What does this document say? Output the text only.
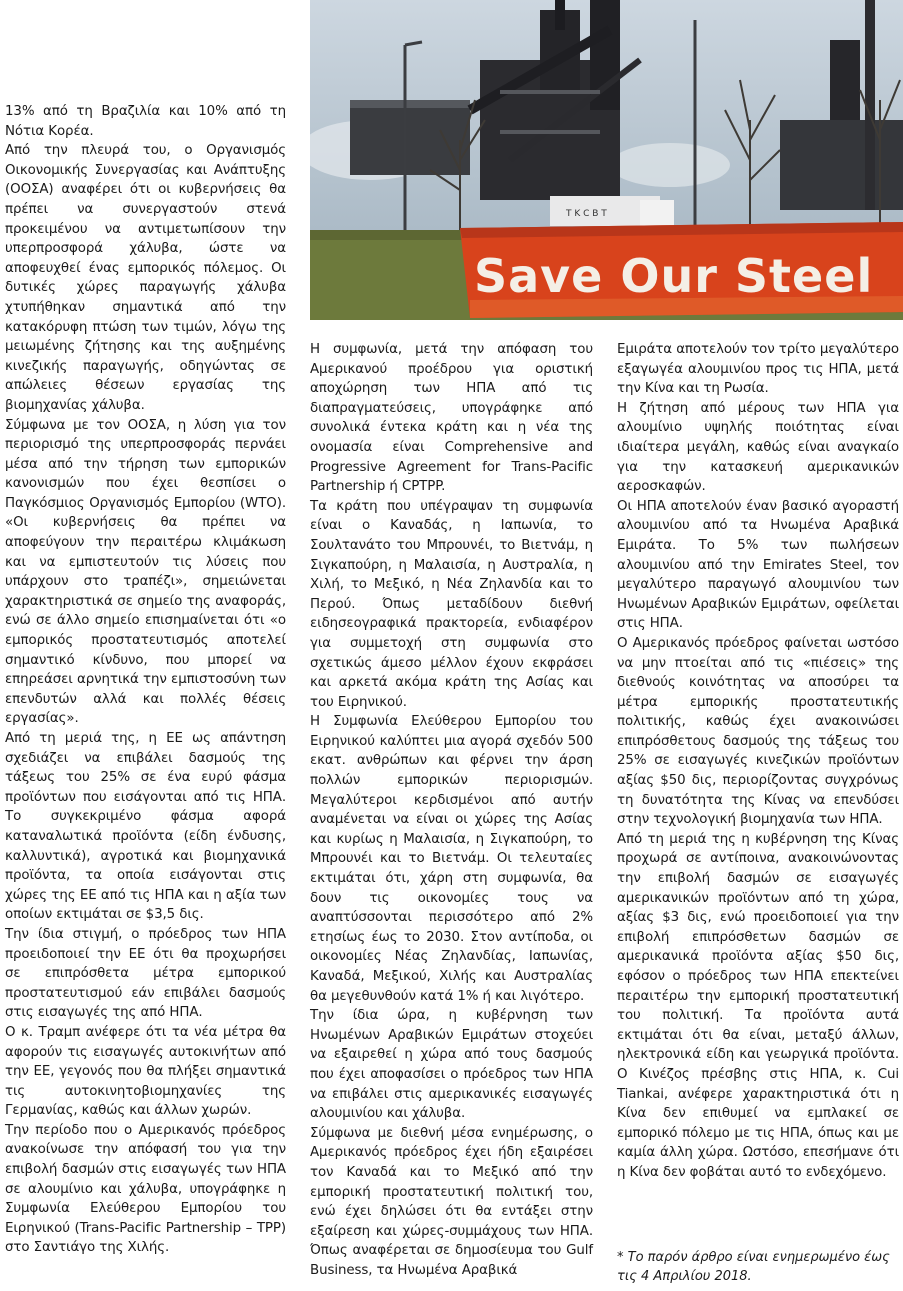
13% από τη Βραζιλία και 10% από τη Νότια Κορέα.

Από την πλευρά του, ο Οργανισμός Οικονομικής Συνεργασίας και Ανάπτυξης (ΟΟΣΑ) αναφέρει ότι οι κυβερνήσεις θα πρέπει να συνεργαστούν στενά προκειμένου να αντιμετωπίσουν την υπερπροσφορά χάλυβα, ώστε να αποφευχθεί ένας εμπορικός πόλεμος. Οι δυτικές χώρες παραγωγής χάλυβα χτυπήθηκαν σημαντικά από την κατακόρυφη πτώση των τιμών, λόγω της μειωμένης ζήτησης και της αυξημένης κινεζικής παραγωγής, οδηγώντας σε απώλειες θέσεων εργασίας της βιομηχανίας χάλυβα.

Σύμφωνα με τον ΟΟΣΑ, η λύση για τον περιορισμό της υπερπροσφοράς περνάει μέσα από την τήρηση των εμπορικών κανονισμών που έχει θεσπίσει ο Παγκόσμιος Οργανισμός Εμπορίου (WTO). «Οι κυβερνήσεις θα πρέπει να αποφεύγουν την περαιτέρω κλιμάκωση και να εμπιστευτούν τις λύσεις που υπάρχουν στο τραπέζι», σημειώνεται χαρακτηριστικά σε σημείο της αναφοράς, ενώ σε άλλο σημείο επισημαίνεται ότι «ο εμπορικός προστατευτισμός αποτελεί σημαντικό κίνδυνο, που μπορεί να επηρεάσει αρνητικά την εμπιστοσύνη των επενδυτών αλλά και πολλές θέσεις εργασίας».

Από τη μεριά της, η ΕΕ ως απάντηση σχεδιάζει να επιβάλει δασμούς της τάξεως του 25% σε ένα ευρύ φάσμα προϊόντων που εισάγονται από τις ΗΠΑ. Το συγκεκριμένο φάσμα αφορά καταναλωτικά προϊόντα (είδη ένδυσης, καλλυντικά), αγροτικά και βιομηχανικά προϊόντα, τα οποία εισάγονται στις χώρες της ΕΕ από τις ΗΠΑ και η αξία των οποίων εκτιμάται σε $3,5 δις.

Την ίδια στιγμή, ο πρόεδρος των ΗΠΑ προειδοποιεί την ΕΕ ότι θα προχωρήσει σε επιπρόσθετα μέτρα εμπορικού προστατευτισμού εάν επιβάλει δασμούς στις εισαγωγές της από ΗΠΑ.

Ο κ. Τραμπ ανέφερε ότι τα νέα μέτρα θα αφορούν τις εισαγωγές αυτοκινήτων από την ΕΕ, γεγονός που θα πλήξει σημαντικά τις αυτοκινητοβιομηχανίες της Γερμανίας, καθώς και άλλων χωρών.

Την περίοδο που ο Αμερικανός πρόεδρος ανακοίνωσε την απόφασή του για την επιβολή δασμών στις εισαγωγές των ΗΠΑ σε αλουμίνιο και χάλυβα, υπογράφηκε η Συμφωνία Ελεύθερου Εμπορίου του Ειρηνικού (Trans-Pacific Partnership – TPP) στο Σαντιάγο της Χιλής.

T K C B T
Save Our Steel

Η συμφωνία, μετά την απόφαση του Αμερικανού προέδρου για οριστική αποχώρηση των ΗΠΑ από τις διαπραγματεύσεις, υπογράφηκε από συνολικά έντεκα κράτη και η νέα της ονομασία είναι Comprehensive and Progressive Agreement for Trans-Pacific Partnership ή CPTPP.

Τα κράτη που υπέγραψαν τη συμφωνία είναι ο Καναδάς, η Ιαπωνία, το Σουλτανάτο του Μπρουνέι, το Βιετνάμ, η Σιγκαπούρη, η Μαλαισία, η Αυστραλία, η Χιλή, το Μεξικό, η Νέα Ζηλανδία και το Περού. Όπως μεταδίδουν διεθνή ειδησεογραφικά πρακτορεία, ενδιαφέρον για συμμετοχή στη συμφωνία στο σχετικώς άμεσο μέλλον έχουν εκφράσει και αρκετά ακόμα κράτη της Ασίας και του Ειρηνικού.

Η Συμφωνία Ελεύθερου Εμπορίου του Ειρηνικού καλύπτει μια αγορά σχεδόν 500 εκατ. ανθρώπων και φέρνει την άρση πολλών εμπορικών περιορισμών. Μεγαλύτεροι κερδισμένοι από αυτήν αναμένεται να είναι οι χώρες της Ασίας και κυρίως η Μαλαισία, η Σιγκαπούρη, το Μπρουνέι και το Βιετνάμ. Οι τελευταίες εκτιμάται ότι, χάρη στη συμφωνία, θα δουν τις οικονομίες τους να αναπτύσσονται περισσότερο από 2% ετησίως έως το 2030. Στον αντίποδα, οι οικονομίες Νέας Ζηλανδίας, Ιαπωνίας, Καναδά, Μεξικού, Χιλής και Αυστραλίας θα μεγεθυνθούν κατά 1% ή και λιγότερο.

Την ίδια ώρα, η κυβέρνηση των Ηνωμένων Αραβικών Εμιράτων στοχεύει να εξαιρεθεί η χώρα από τους δασμούς που έχει αποφασίσει ο πρόεδρος των ΗΠΑ να επιβάλει στις αμερικανικές εισαγωγές αλουμινίου και χάλυβα.

Σύμφωνα με διεθνή μέσα ενημέρωσης, ο Αμερικανός πρόεδρος έχει ήδη εξαιρέσει τον Καναδά και το Μεξικό από την εμπορική προστατευτική πολιτική του, ενώ έχει δηλώσει ότι θα εντάξει στην εξαίρεση και χώρες-συμμάχους των ΗΠΑ. Όπως αναφέρεται σε δημοσίευμα του Gulf Business, τα Ηνωμένα Αραβικά

Εμιράτα αποτελούν τον τρίτο μεγαλύτερο εξαγωγέα αλουμινίου προς τις ΗΠΑ, μετά την Κίνα και τη Ρωσία.

Η ζήτηση από μέρους των ΗΠΑ για αλουμίνιο υψηλής ποιότητας είναι ιδιαίτερα μεγάλη, καθώς είναι αναγκαίο για την κατασκευή αμερικανικών αεροσκαφών.

Οι ΗΠΑ αποτελούν έναν βασικό αγοραστή αλουμινίου από τα Ηνωμένα Αραβικά Εμιράτα. Το 5% των πωλήσεων αλουμινίου από την Emirates Steel, τον μεγαλύτερο παραγωγό αλουμινίου των Ηνωμένων Αραβικών Εμιράτων, οφείλεται στις ΗΠΑ.

Ο Αμερικανός πρόεδρος φαίνεται ωστόσο να μην πτοείται από τις «πιέσεις» της διεθνούς κοινότητας να αποσύρει τα μέτρα εμπορικής προστατευτικής πολιτικής, καθώς έχει ανακοινώσει επιπρόσθετους δασμούς της τάξεως του 25% σε εισαγωγές κινεζικών προϊόντων αξίας $50 δις, περιορίζοντας συγχρόνως τη δυνατότητα της Κίνας να επενδύσει στην τεχνολογική βιομηχανία των ΗΠΑ.

Από τη μεριά της η κυβέρνηση της Κίνας προχωρά σε αντίποινα, ανακοινώνοντας την επιβολή δασμών σε εισαγωγές αμερικανικών προϊόντων από τη χώρα, αξίας $3 δις, ενώ προειδοποιεί για την επιβολή επιπρόσθετων δασμών σε αμερικανικά προϊόντα αξίας $50 δις, εφόσον ο πρόεδρος των ΗΠΑ επεκτείνει περαιτέρω την εμπορική προστατευτική του πολιτική. Τα προϊόντα αυτά εκτιμάται ότι θα είναι, μεταξύ άλλων, ηλεκτρονικά είδη και γεωργικά προϊόντα. Ο Κινέζος πρέσβης στις ΗΠΑ, κ. Cui Tiankai, ανέφερε χαρακτηριστικά ότι η Κίνα δεν επιθυμεί να εμπλακεί σε εμπορικό πόλεμο με τις ΗΠΑ, όπως και με καμία άλλη χώρα. Ωστόσο, επεσήμανε ότι η Κίνα δεν φοβάται αυτό το ενδεχόμενο.

* Το παρόν άρθρο είναι ενημερωμένο έως τις 4 Απριλίου 2018.
